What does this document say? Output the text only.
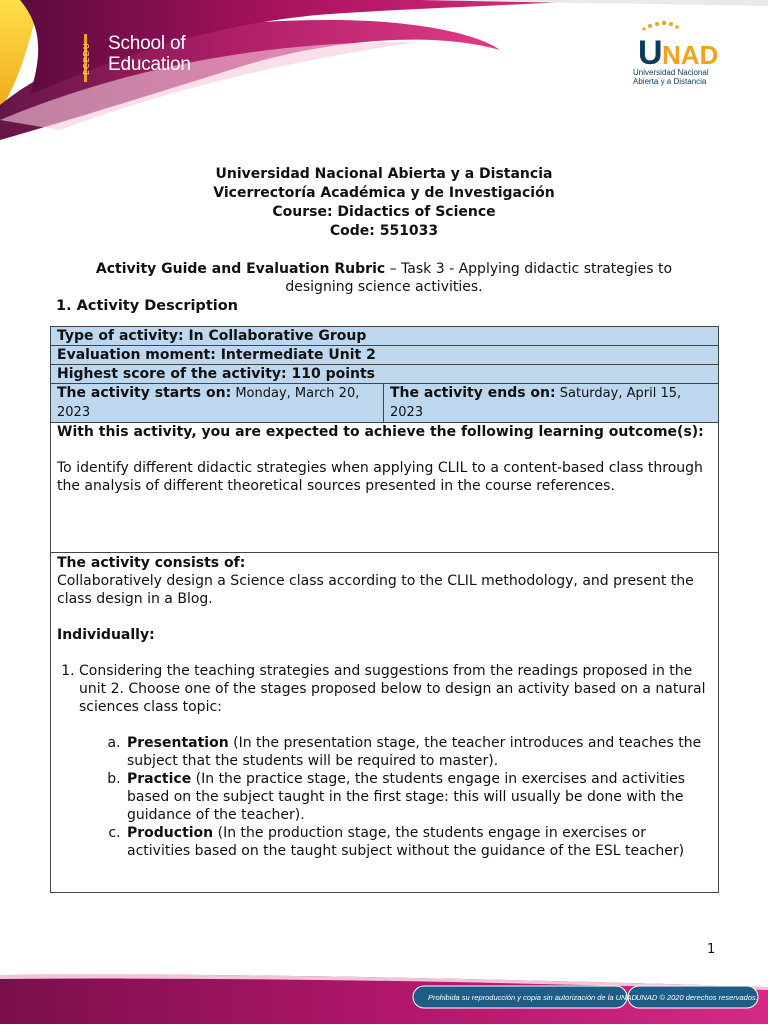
ECEDU School of
Education	U NAD
Universidad Nacional
Abierta y a Distancia
Universidad Nacional Abierta y a Distancia
Vicerrectoría Académica y de Investigación
Course: Didactics of Science
Code: 551033
Activity Guide and Evaluation Rubric – Task 3 - Applying didactic strategies to designing science activities.
1. Activity Description
Type of activity: In Collaborative Group
Evaluation moment: Intermediate Unit 2
Highest score of the activity: 110 points
The activity starts on: Monday, March 20, 2023	The activity ends on: Saturday, April 15, 2023

With this activity, you are expected to achieve the following learning outcome(s):

To identify different didactic strategies when applying CLIL to a content-based class through the analysis of different theoretical sources presented in the course references.

The activity consists of:

Collaboratively design a Science class according to the CLIL methodology, and present the class design in a Blog.

Individually:

1. Considering the teaching strategies and suggestions from the readings proposed in the unit 2. Choose one of the stages proposed below to design an activity based on a natural sciences class topic:
a. Presentation (In the presentation stage, the teacher introduces and teaches the subject that the students will be required to master).
b. Practice (In the practice stage, the students engage in exercises and activities based on the subject taught in the first stage: this will usually be done with the guidance of the teacher).
c. Production (In the production stage, the students engage in exercises or activities based on the taught subject without the guidance of the ESL teacher)
1
Prohibida su reproducción y copia sin autorización de la UNAD.
UNAD © 2020 derechos reservados.
